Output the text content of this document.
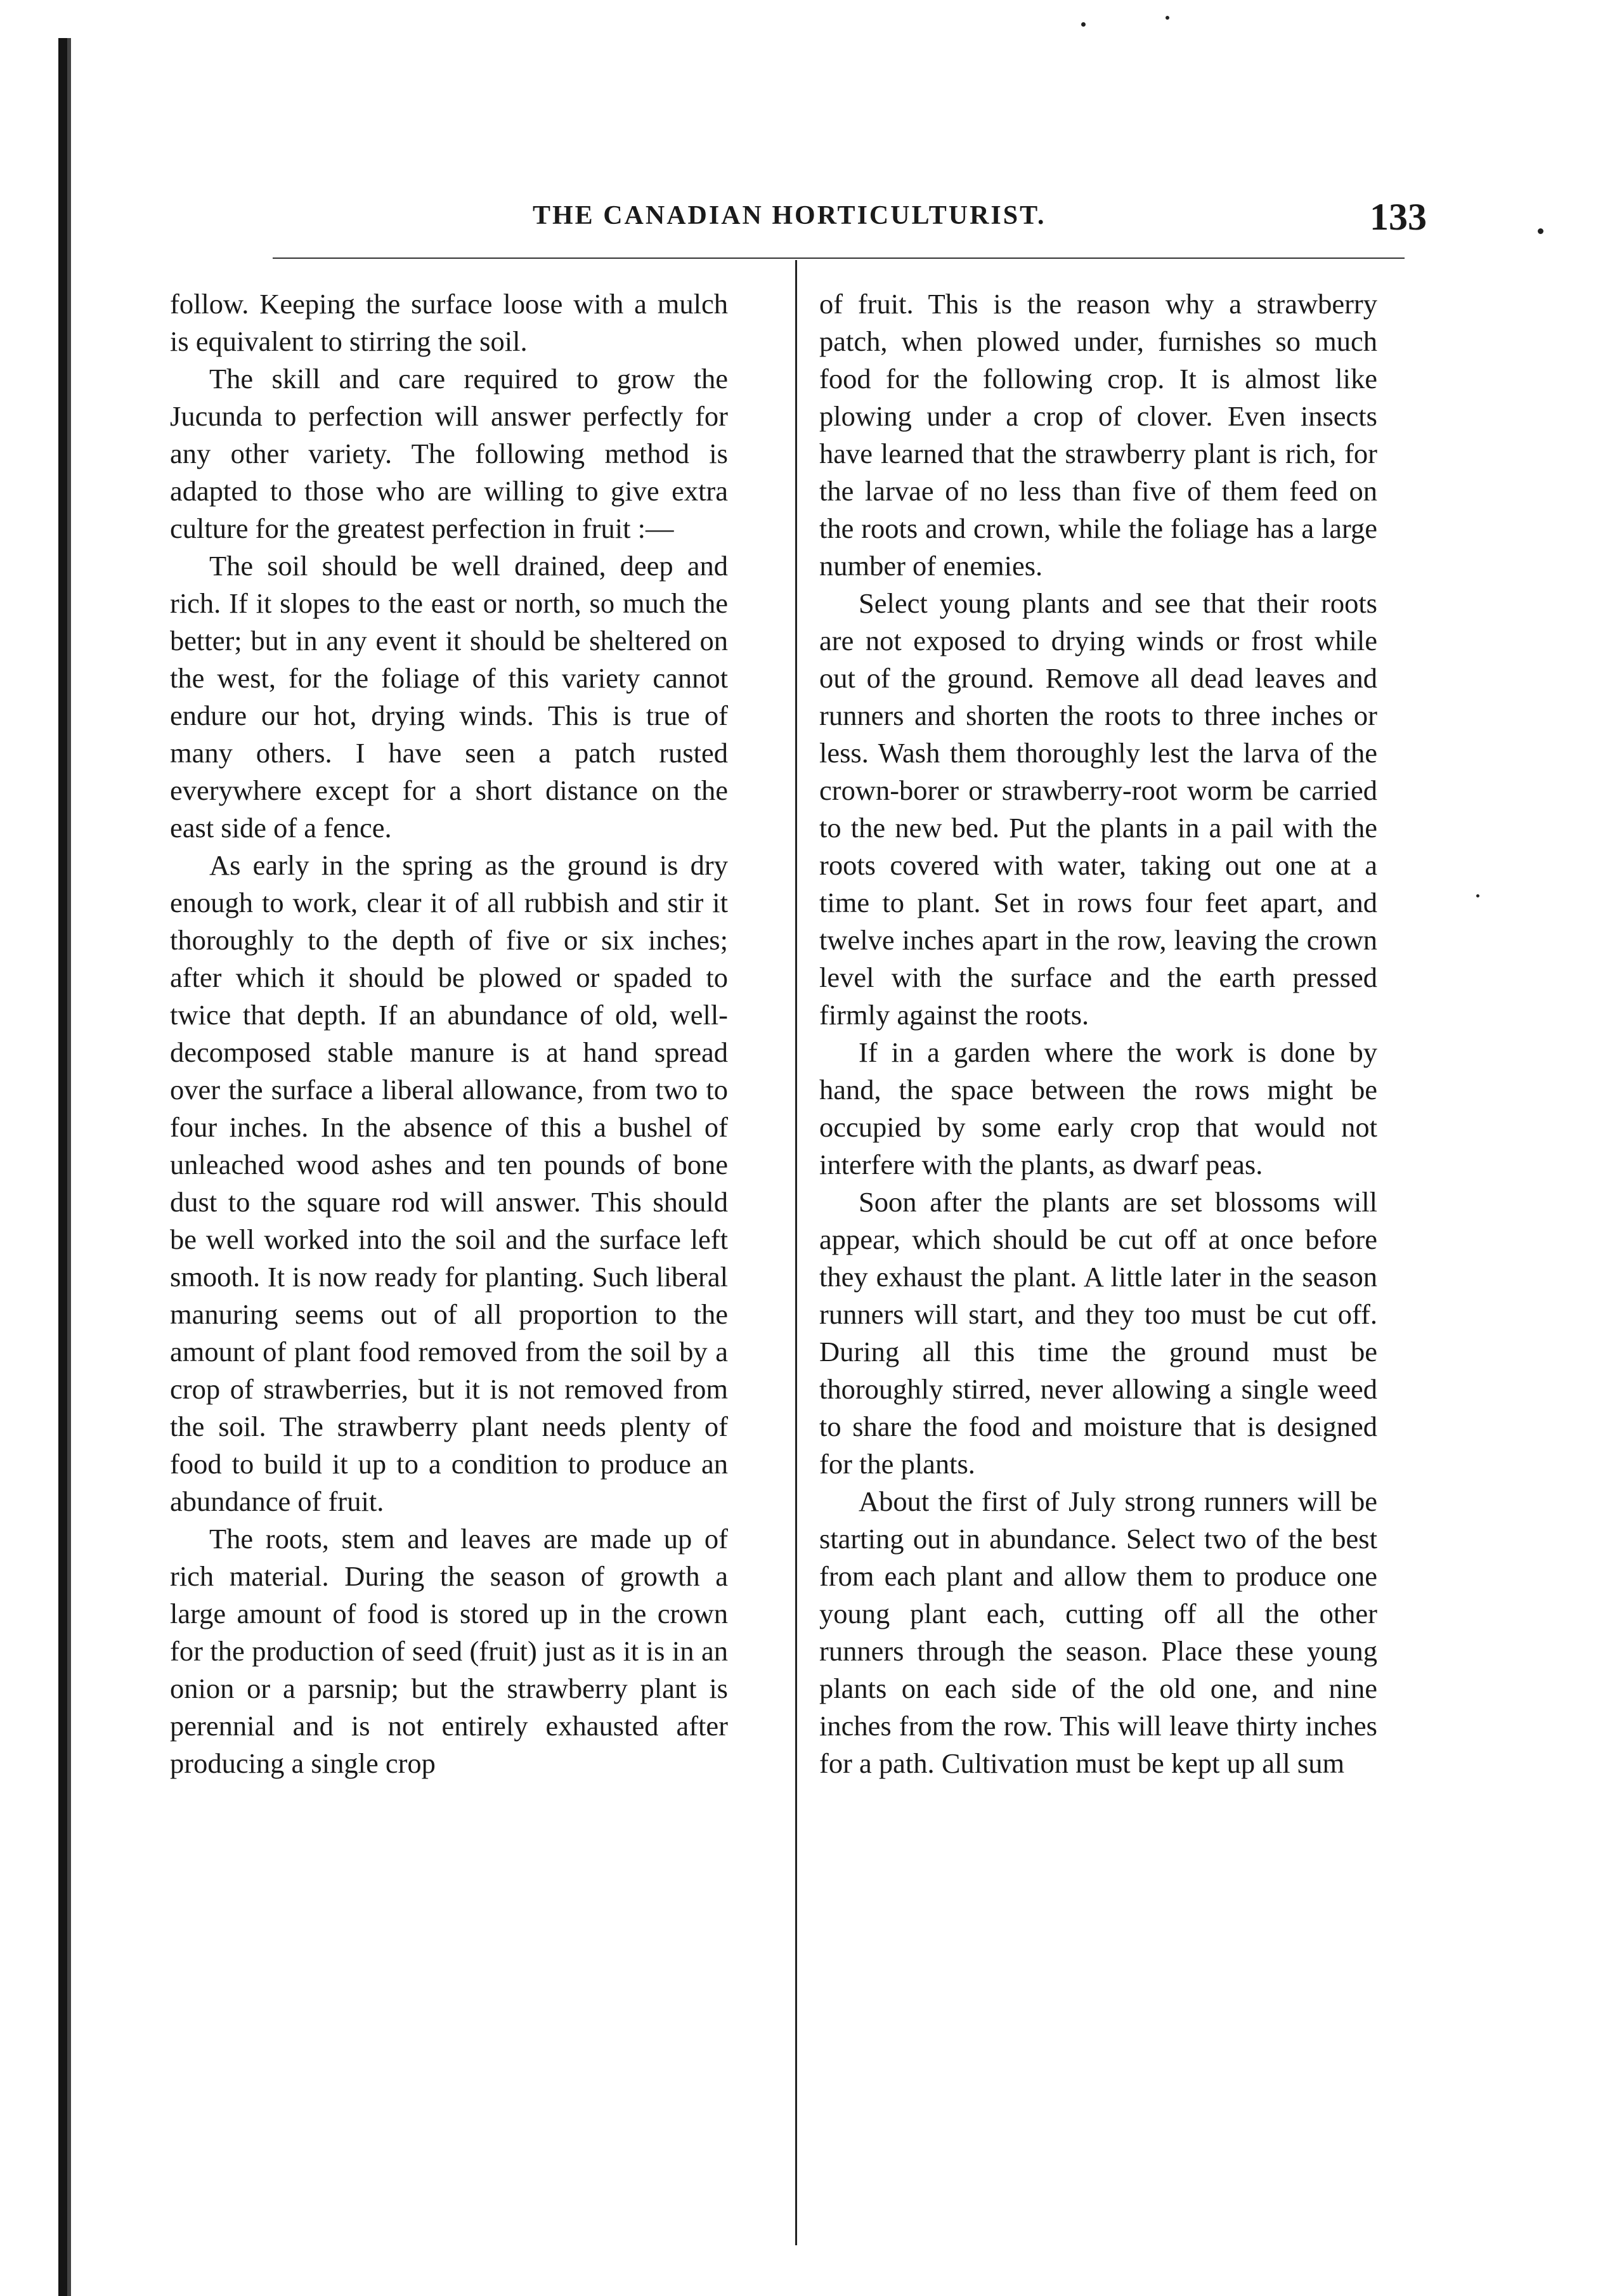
THE CANADIAN HORTICULTURIST.	133

follow. Keeping the surface loose with a mulch is equivalent to stirring the soil.

The skill and care required to grow the Jucunda to perfection will answer perfectly for any other variety. The following method is adapted to those who are willing to give extra culture for the greatest perfection in fruit :—

The soil should be well drained, deep and rich. If it slopes to the east or north, so much the better; but in any event it should be sheltered on the west, for the foliage of this variety cannot endure our hot, drying winds. This is true of many others. I have seen a patch rusted everywhere except for a short distance on the east side of a fence.

As early in the spring as the ground is dry enough to work, clear it of all rubbish and stir it thoroughly to the depth of five or six inches; after which it should be plowed or spaded to twice that depth. If an abundance of old, well-decomposed stable manure is at hand spread over the surface a liberal allowance, from two to four inches. In the absence of this a bushel of unleached wood ashes and ten pounds of bone dust to the square rod will answer. This should be well worked into the soil and the surface left smooth. It is now ready for planting. Such liberal manuring seems out of all proportion to the amount of plant food removed from the soil by a crop of strawberries, but it is not removed from the soil. The strawberry plant needs plenty of food to build it up to a condition to produce an abundance of fruit.

The roots, stem and leaves are made up of rich material. During the season of growth a large amount of food is stored up in the crown for the production of seed (fruit) just as it is in an onion or a parsnip; but the strawberry plant is perennial and is not entirely exhausted after producing a single crop

of fruit. This is the reason why a strawberry patch, when plowed under, furnishes so much food for the following crop. It is almost like plowing under a crop of clover. Even insects have learned that the strawberry plant is rich, for the larvae of no less than five of them feed on the roots and crown, while the foliage has a large number of enemies.

Select young plants and see that their roots are not exposed to drying winds or frost while out of the ground. Remove all dead leaves and runners and shorten the roots to three inches or less. Wash them thoroughly lest the larva of the crown-borer or strawberry-root worm be carried to the new bed. Put the plants in a pail with the roots covered with water, taking out one at a time to plant. Set in rows four feet apart, and twelve inches apart in the row, leaving the crown level with the surface and the earth pressed firmly against the roots.

If in a garden where the work is done by hand, the space between the rows might be occupied by some early crop that would not interfere with the plants, as dwarf peas.

Soon after the plants are set blossoms will appear, which should be cut off at once before they exhaust the plant. A little later in the season runners will start, and they too must be cut off. During all this time the ground must be thoroughly stirred, never allowing a single weed to share the food and moisture that is designed for the plants.

About the first of July strong runners will be starting out in abundance. Select two of the best from each plant and allow them to produce one young plant each, cutting off all the other runners through the season. Place these young plants on each side of the old one, and nine inches from the row. This will leave thirty inches for a path. Cultivation must be kept up all sum
